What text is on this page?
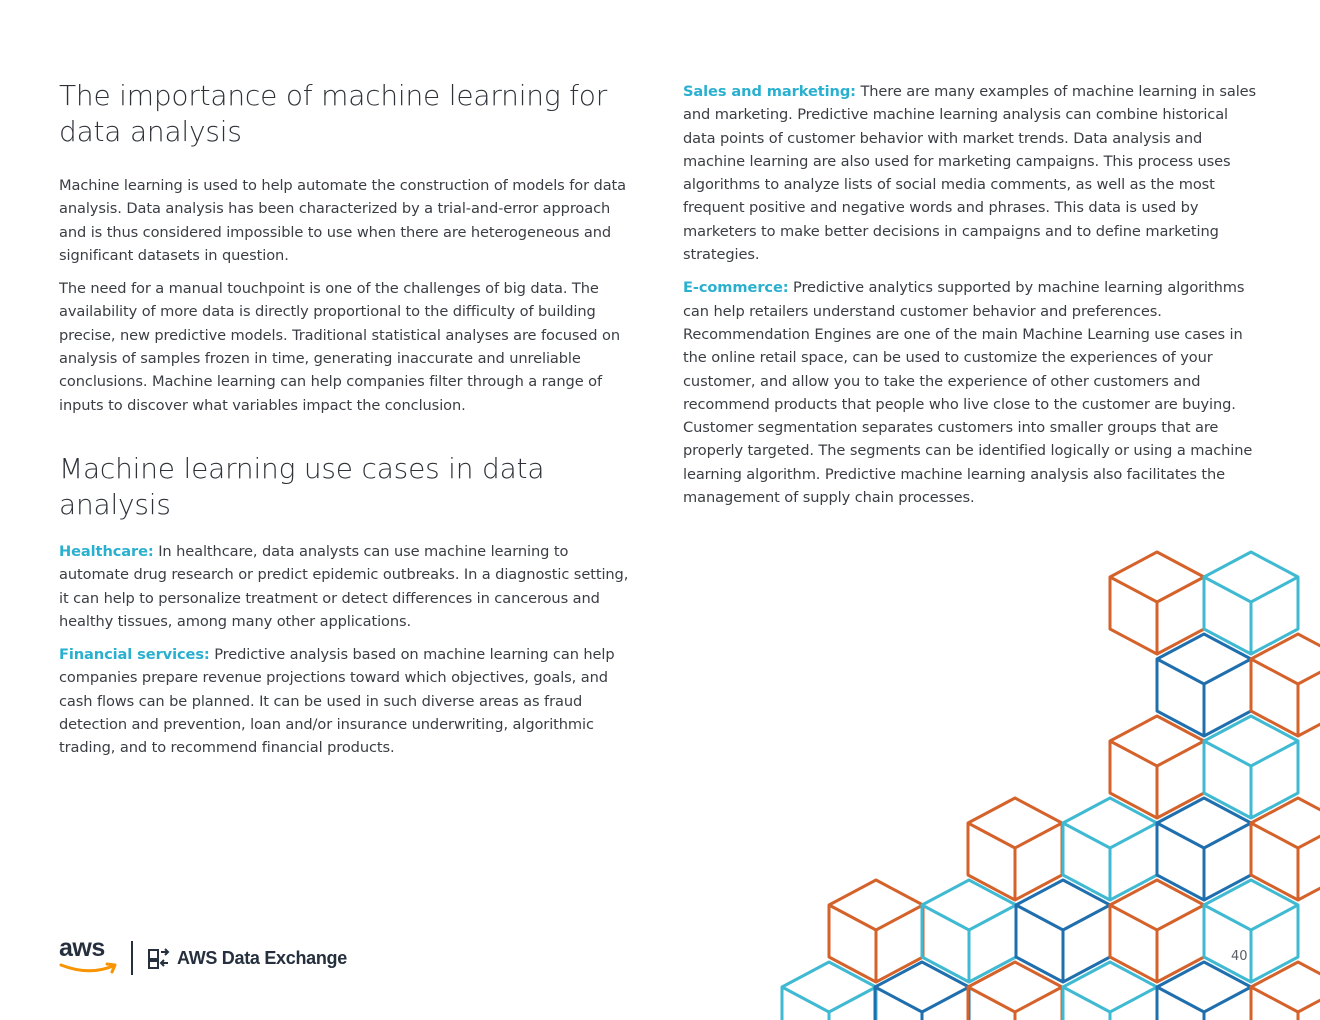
The importance of machine learning for data analysis

Machine learning is used to help automate the construction of models for data analysis. Data analysis has been characterized by a trial-and-error approach and is thus considered impossible to use when there are heterogeneous and significant datasets in question.

The need for a manual touchpoint is one of the challenges of big data. The availability of more data is directly proportional to the difficulty of building precise, new predictive models. Traditional statistical analyses are focused on analysis of samples frozen in time, generating inaccurate and unreliable conclusions. Machine learning can help companies filter through a range of inputs to discover what variables impact the conclusion.

Machine learning use cases in data analysis

Healthcare: In healthcare, data analysts can use machine learning to automate drug research or predict epidemic outbreaks. In a diagnostic setting, it can help to personalize treatment or detect differences in cancerous and healthy tissues, among many other applications.

Financial services: Predictive analysis based on machine learning can help companies prepare revenue projections toward which objectives, goals, and cash flows can be planned. It can be used in such diverse areas as fraud detection and prevention, loan and/or insurance underwriting, algorithmic trading, and to recommend financial products.

Sales and marketing: There are many examples of machine learning in sales and marketing. Predictive machine learning analysis can combine historical data points of customer behavior with market trends. Data analysis and machine learning are also used for marketing campaigns. This process uses algorithms to analyze lists of social media comments, as well as the most frequent positive and negative words and phrases. This data is used by marketers to make better decisions in campaigns and to define marketing strategies.

E-commerce: Predictive analytics supported by machine learning algorithms can help retailers understand customer behavior and preferences. Recommendation Engines are one of the main Machine Learning use cases in the online retail space, can be used to customize the experiences of your customer, and allow you to take the experience of other customers and recommend products that people who live close to the customer are buying. Customer segmentation separates customers into smaller groups that are properly targeted. The segments can be identified logically or using a machine learning algorithm. Predictive machine learning analysis also facilitates the management of supply chain processes.

aws	AWS Data Exchange	40
